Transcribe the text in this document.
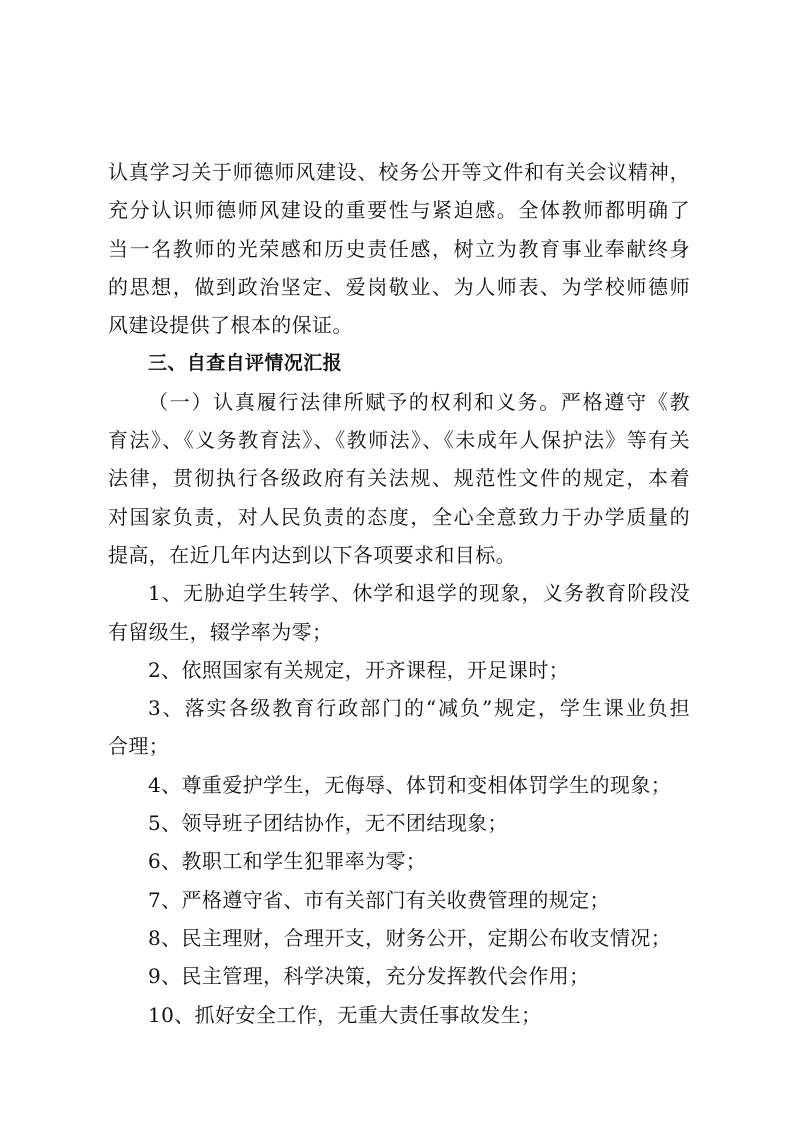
认真学习关于师德师风建设、校务公开等文件和有关会议精神，
充分认识师德师风建设的重要性与紧迫感。全体教师都明确了
当一名教师的光荣感和历史责任感，树立为教育事业奉献终身
的思想，做到政治坚定、爱岗敬业、为人师表、为学校师德师
风建设提供了根本的保证。
三、自查自评情况汇报
（一）认真履行法律所赋予的权利和义务。严格遵守《教
育法》、《义务教育法》、《教师法》、《未成年人保护法》等有关
法律，贯彻执行各级政府有关法规、规范性文件的规定，本着
对国家负责，对人民负责的态度，全心全意致力于办学质量的
提高，在近几年内达到以下各项要求和目标。
1、无胁迫学生转学、休学和退学的现象，义务教育阶段没
有留级生，辍学率为零；
2、依照国家有关规定，开齐课程，开足课时；
3、落实各级教育行政部门的“减负”规定，学生课业负担
合理；
4、尊重爱护学生，无侮辱、体罚和变相体罚学生的现象；
5、领导班子团结协作，无不团结现象；
6、教职工和学生犯罪率为零；
7、严格遵守省、市有关部门有关收费管理的规定；
8、民主理财，合理开支，财务公开，定期公布收支情况；
9、民主管理，科学决策，充分发挥教代会作用；
10、抓好安全工作，无重大责任事故发生；
